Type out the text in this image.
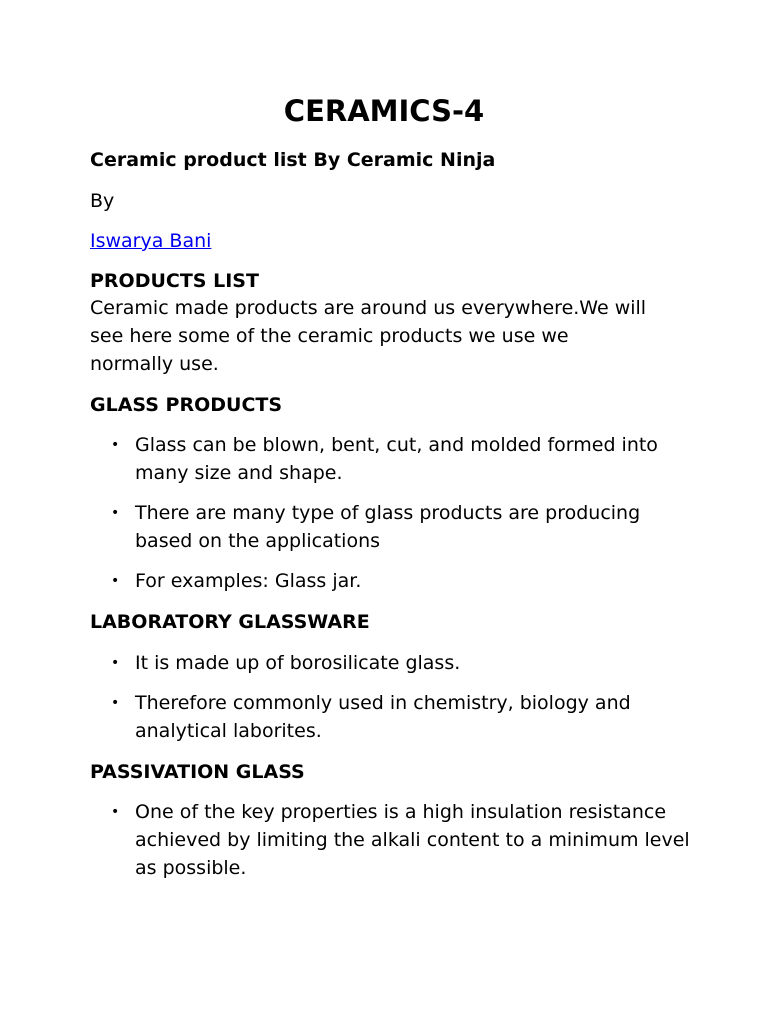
CERAMICS-4
Ceramic product list By Ceramic Ninja

By

Iswarya Bani
PRODUCTS LIST

Ceramic made products are around us everywhere.We will see here some of the ceramic products we use we normally use.

GLASS PRODUCTS
• Glass can be blown, bent, cut, and molded formed into many size and shape.
• There are many type of glass products are producing based on the applications
• For examples: Glass jar.
LABORATORY GLASSWARE
• It is made up of borosilicate glass.
• Therefore commonly used in chemistry, biology and analytical laborites.
PASSIVATION GLASS
• One of the key properties is a high insulation resistance achieved by limiting the alkali content to a minimum level as possible.
